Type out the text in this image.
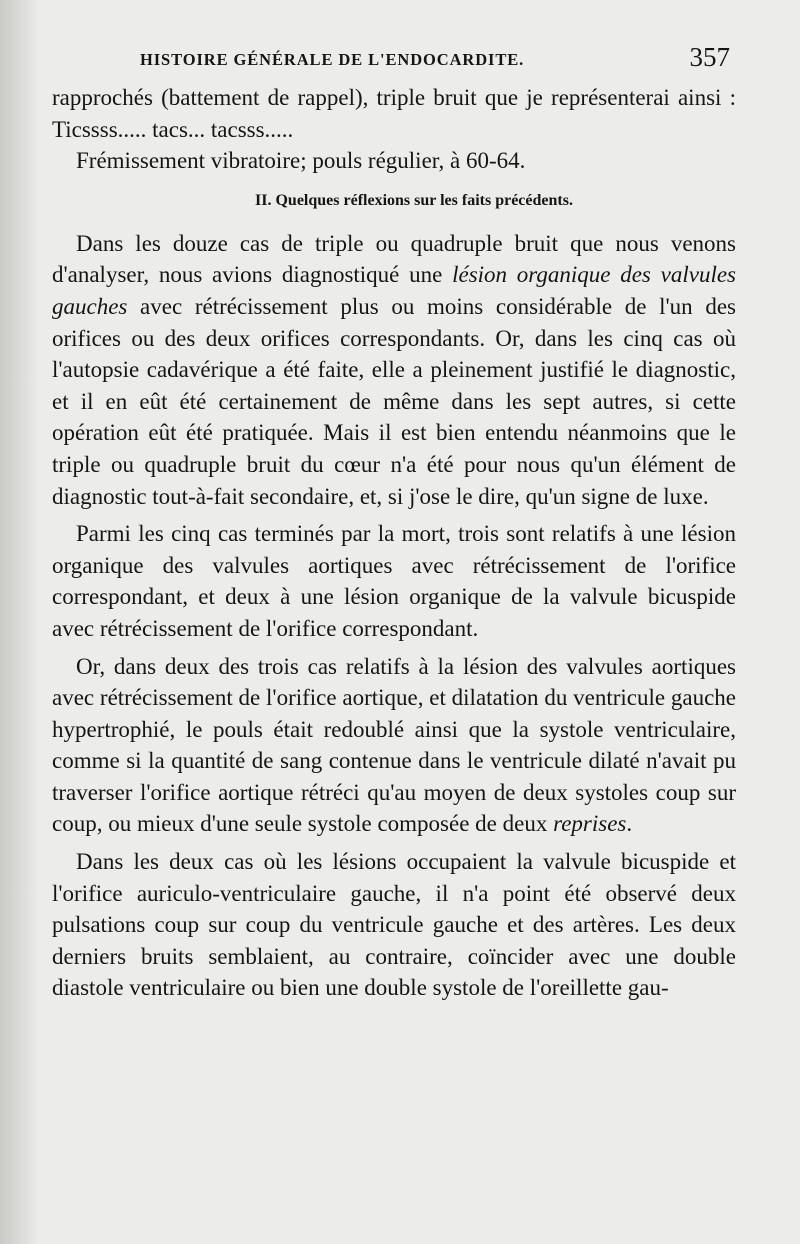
HISTOIRE GÉNÉRALE DE L'ENDOCARDITE.	357

rapprochés (battement de rappel), triple bruit que je représenterai ainsi : Ticssss..... tacs... tacsss.....

Frémissement vibratoire; pouls régulier, à 60-64.

II. Quelques réflexions sur les faits précédents.

Dans les douze cas de triple ou quadruple bruit que nous venons d'analyser, nous avions diagnostiqué une lésion organique des valvules gauches avec rétrécissement plus ou moins considérable de l'un des orifices ou des deux orifices correspondants. Or, dans les cinq cas où l'autopsie cadavérique a été faite, elle a pleinement justifié le diagnostic, et il en eût été certainement de même dans les sept autres, si cette opération eût été pratiquée. Mais il est bien entendu néanmoins que le triple ou quadruple bruit du cœur n'a été pour nous qu'un élément de diagnostic tout-à-fait secondaire, et, si j'ose le dire, qu'un signe de luxe.

Parmi les cinq cas terminés par la mort, trois sont relatifs à une lésion organique des valvules aortiques avec rétrécissement de l'orifice correspondant, et deux à une lésion organique de la valvule bicuspide avec rétrécissement de l'orifice correspondant.

Or, dans deux des trois cas relatifs à la lésion des valvules aortiques avec rétrécissement de l'orifice aortique, et dilatation du ventricule gauche hypertrophié, le pouls était redoublé ainsi que la systole ventriculaire, comme si la quantité de sang contenue dans le ventricule dilaté n'avait pu traverser l'orifice aortique rétréci qu'au moyen de deux systoles coup sur coup, ou mieux d'une seule systole composée de deux reprises.

Dans les deux cas où les lésions occupaient la valvule bicuspide et l'orifice auriculo-ventriculaire gauche, il n'a point été observé deux pulsations coup sur coup du ventricule gauche et des artères. Les deux derniers bruits semblaient, au contraire, coïncider avec une double diastole ventriculaire ou bien une double systole de l'oreillette gau-
